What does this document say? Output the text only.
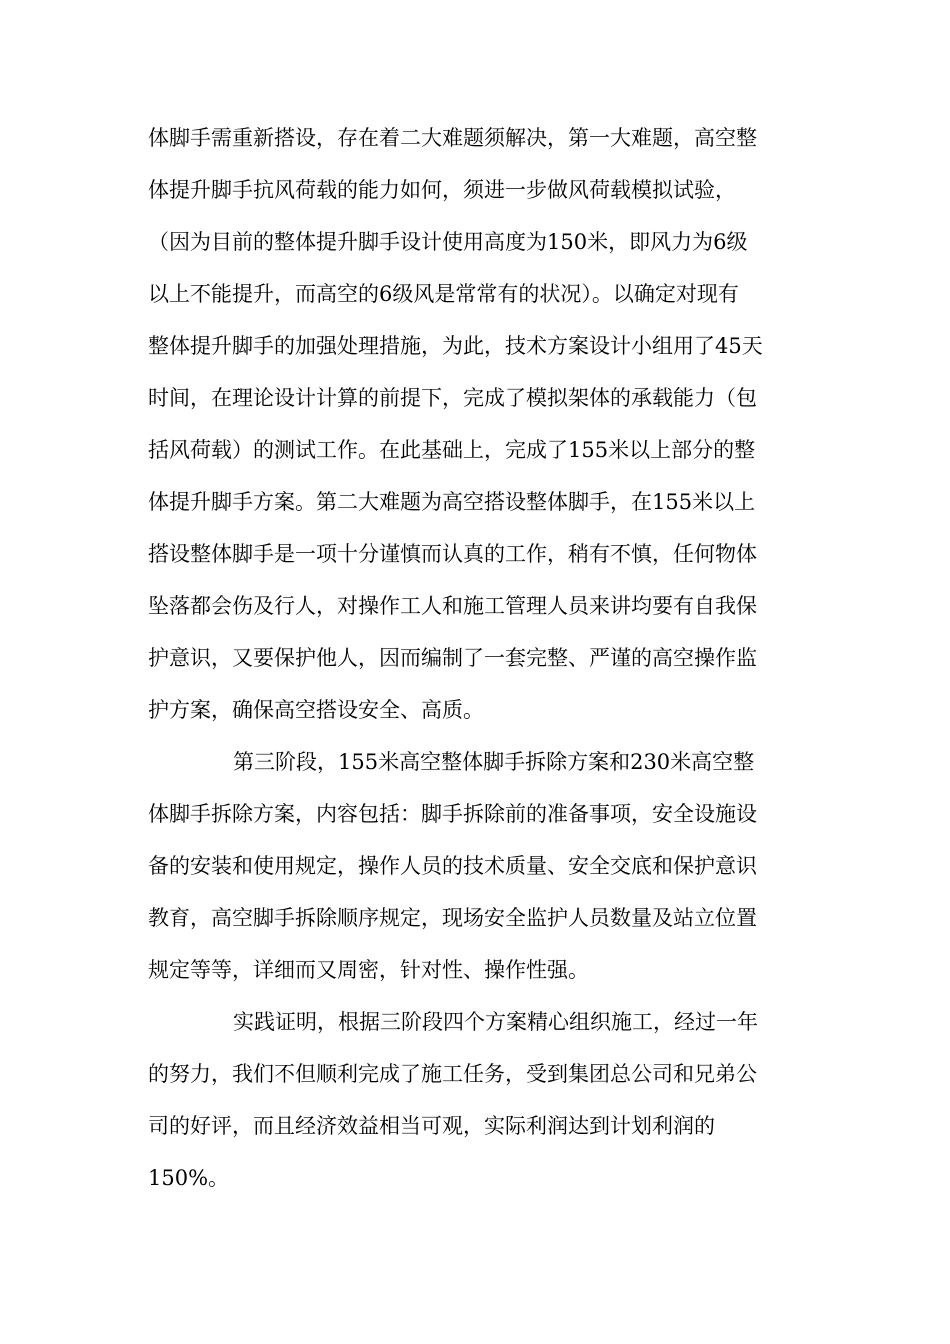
体脚手需重新搭设，存在着二大难题须解决，第一大难题，高空整

体提升脚手抗风荷载的能力如何，须进一步做风荷载模拟试验，

（因为目前的整体提升脚手设计使用高度为150米，即风力为6级

以上不能提升，而高空的6级风是常常有的状况）。以确定对现有

整体提升脚手的加强处理措施，为此，技术方案设计小组用了45天

时间，在理论设计计算的前提下，完成了模拟架体的承载能力（包

括风荷载）的测试工作。在此基础上，完成了155米以上部分的整

体提升脚手方案。第二大难题为高空搭设整体脚手，在155米以上

搭设整体脚手是一项十分谨慎而认真的工作，稍有不慎，任何物体

坠落都会伤及行人，对操作工人和施工管理人员来讲均要有自我保

护意识，又要保护他人，因而编制了一套完整、严谨的高空操作监

护方案，确保高空搭设安全、高质。

第三阶段，155米高空整体脚手拆除方案和230米高空整

体脚手拆除方案，内容包括：脚手拆除前的准备事项，安全设施设

备的安装和使用规定，操作人员的技术质量、安全交底和保护意识

教育，高空脚手拆除顺序规定，现场安全监护人员数量及站立位置

规定等等，详细而又周密，针对性、操作性强。

实践证明，根据三阶段四个方案精心组织施工，经过一年

的努力，我们不但顺利完成了施工任务，受到集团总公司和兄弟公

司的好评，而且经济效益相当可观，实际利润达到计划利润的

150%。
